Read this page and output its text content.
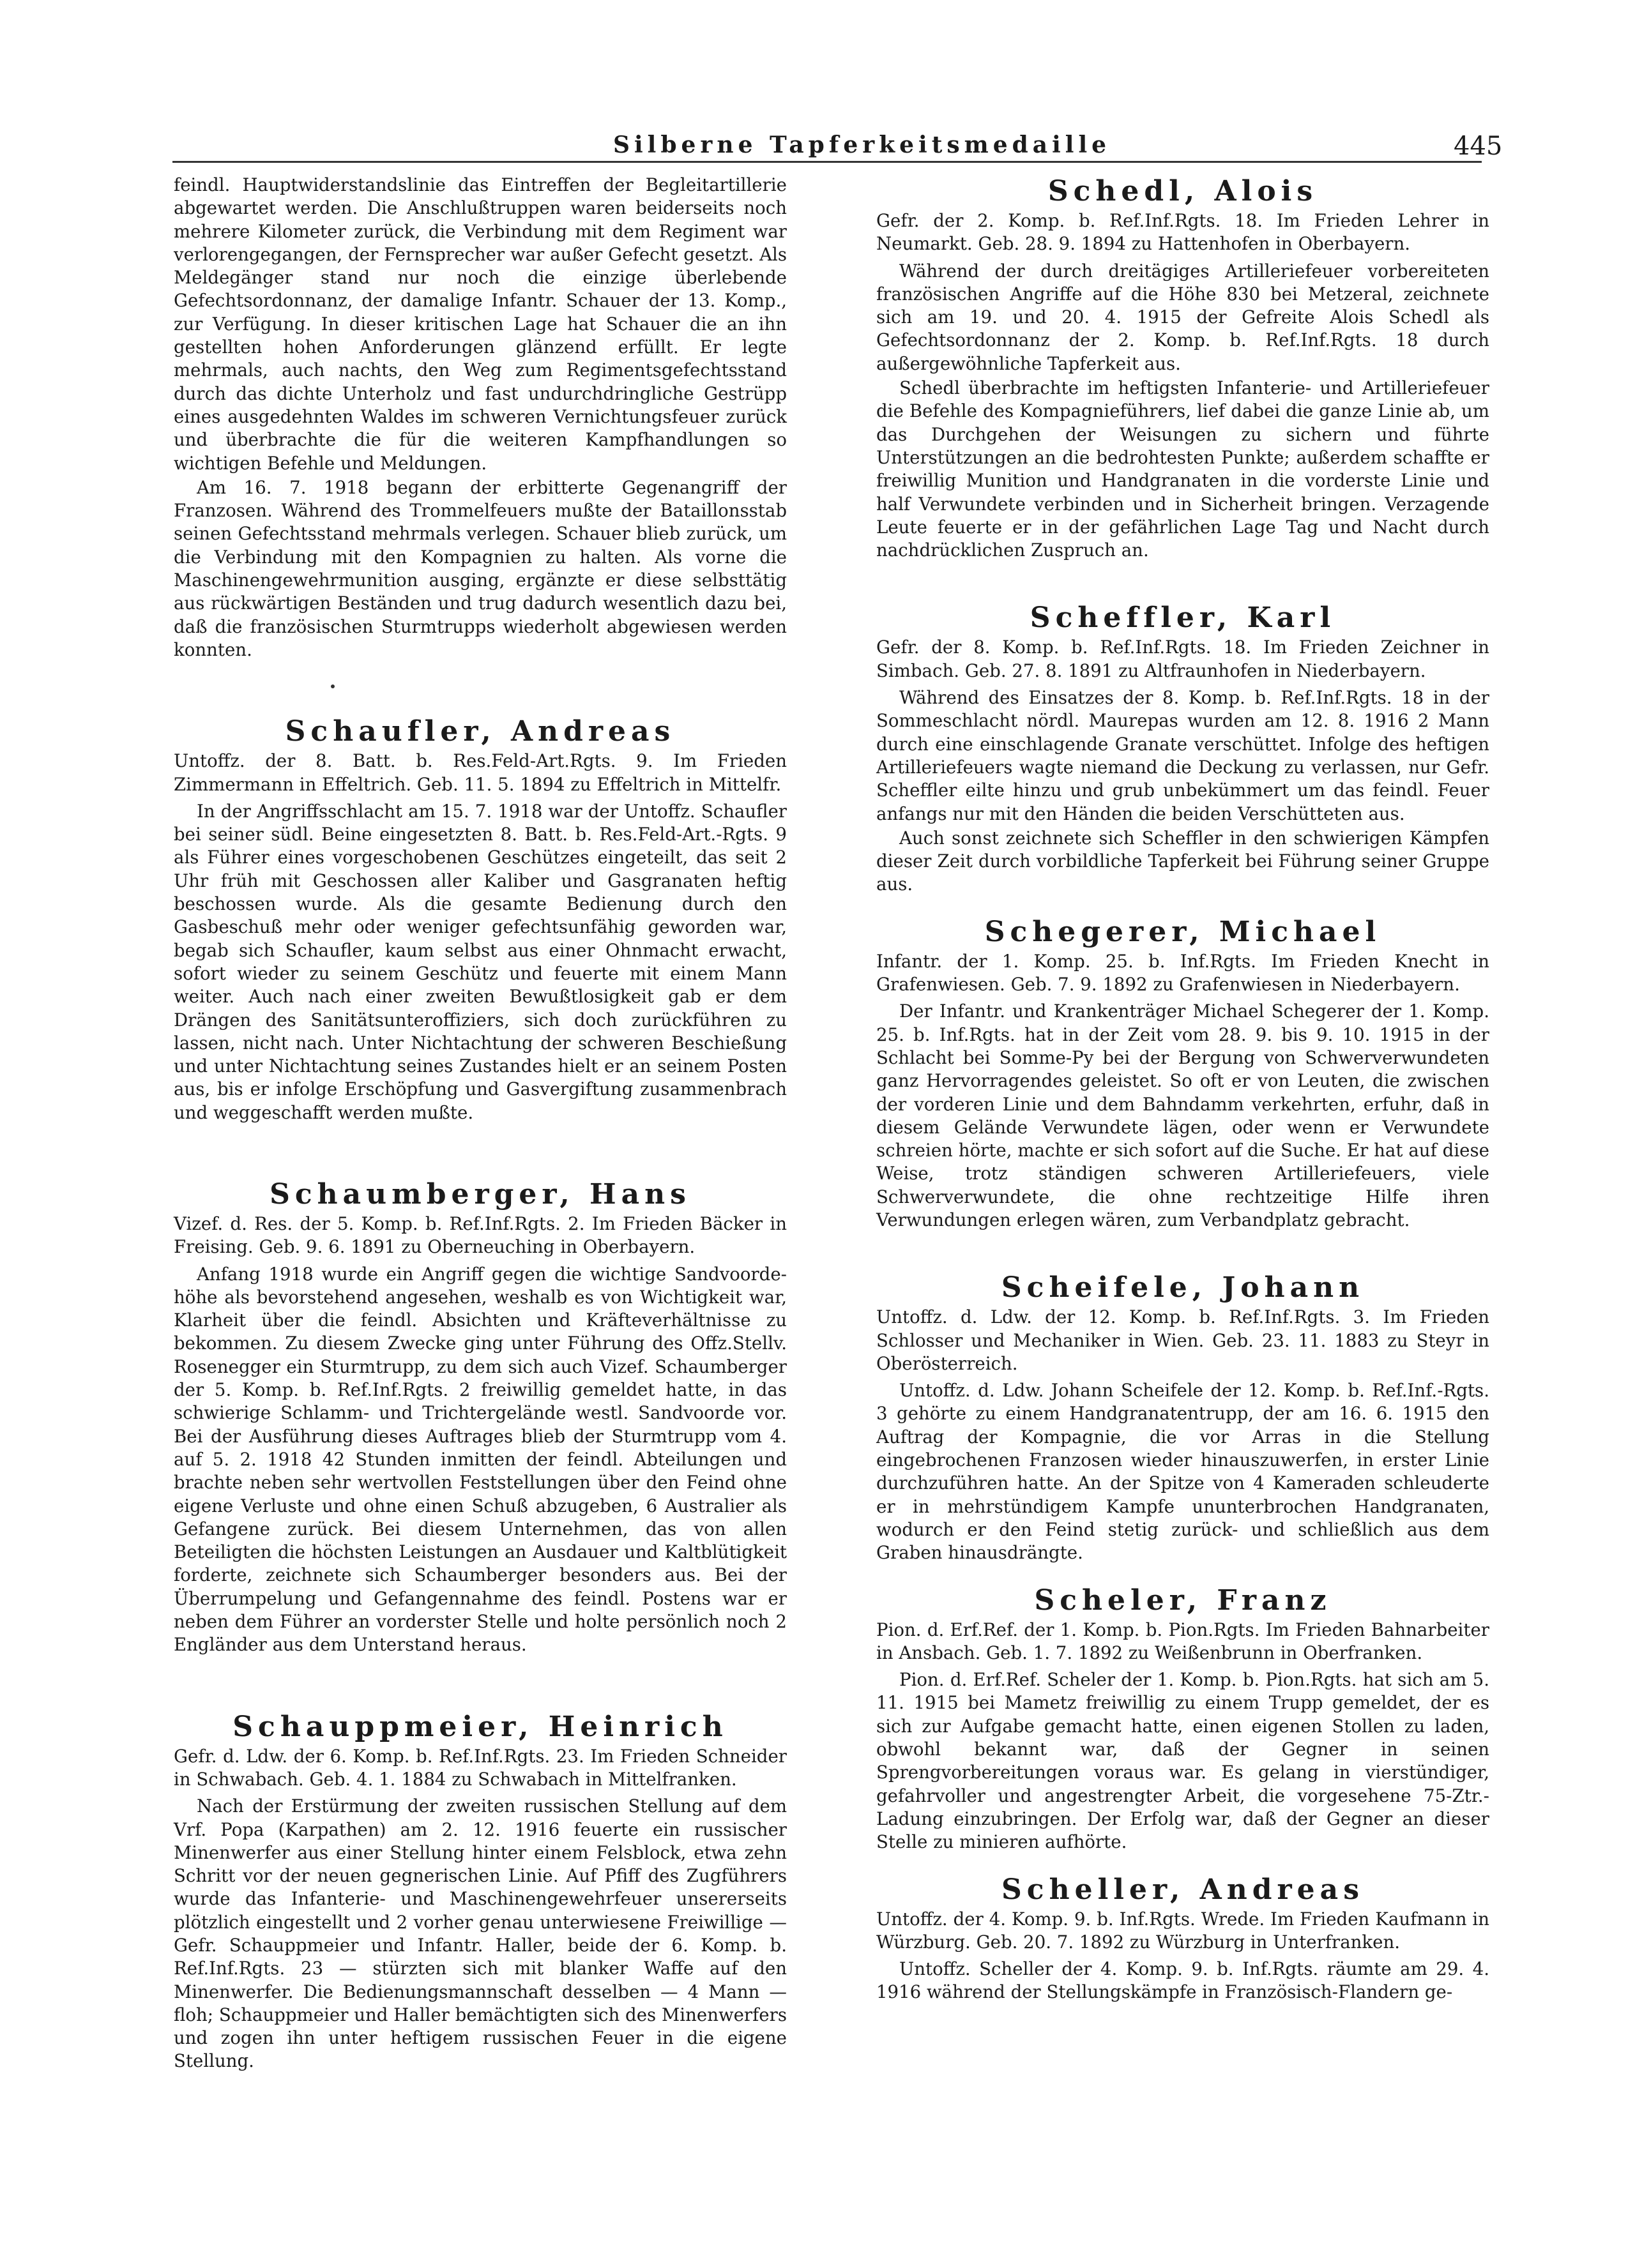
Silberne Tapferkeitsmedaille	445

feindl. Hauptwiderstandslinie das Eintreffen der Begleitartillerie abgewartet werden. Die Anschlußtruppen waren beiderseits noch mehrere Kilometer zurück, die Verbindung mit dem Regiment war verlorengegangen, der Fernsprecher war außer Gefecht gesetzt. Als Meldegänger stand nur noch die einzige überlebende Gefechtsordonnanz, der damalige Infantr. Schauer der 13. Komp., zur Verfügung. In dieser kritischen Lage hat Schauer die an ihn gestellten hohen Anforderungen glänzend erfüllt. Er legte mehrmals, auch nachts, den Weg zum Regimentsgefechtsstand durch das dichte Unterholz und fast undurchdringliche Gestrüpp eines ausgedehnten Waldes im schweren Vernichtungsfeuer zurück und überbrachte die für die weiteren Kampfhandlungen so wichtigen Befehle und Meldungen.

Am 16. 7. 1918 begann der erbitterte Gegenangriff der Franzosen. Während des Trommelfeuers mußte der Bataillonsstab seinen Gefechtsstand mehrmals verlegen. Schauer blieb zurück, um die Verbindung mit den Kompagnien zu halten. Als vorne die Maschinengewehrmunition ausging, ergänzte er diese selbsttätig aus rückwärtigen Beständen und trug dadurch wesentlich dazu bei, daß die französischen Sturmtrupps wiederholt abgewiesen werden konnten.

Schaufler, Andreas

Untoffz. der 8. Batt. b. Res.Feld-Art.Rgts. 9. Im Frieden Zimmermann in Effeltrich. Geb. 11. 5. 1894 zu Effeltrich in Mittelfr.

In der Angriffsschlacht am 15. 7. 1918 war der Untoffz. Schaufler bei seiner südl. Beine eingesetzten 8. Batt. b. Res.Feld-Art.-Rgts. 9 als Führer eines vorgeschobenen Geschützes eingeteilt, das seit 2 Uhr früh mit Geschossen aller Kaliber und Gasgranaten heftig beschossen wurde. Als die gesamte Bedienung durch den Gasbeschuß mehr oder weniger gefechtsunfähig geworden war, begab sich Schaufler, kaum selbst aus einer Ohnmacht erwacht, sofort wieder zu seinem Geschütz und feuerte mit einem Mann weiter. Auch nach einer zweiten Bewußtlosigkeit gab er dem Drängen des Sanitätsunteroffiziers, sich doch zurückführen zu lassen, nicht nach. Unter Nichtachtung der schweren Beschießung und unter Nichtachtung seines Zustandes hielt er an seinem Posten aus, bis er infolge Erschöpfung und Gasvergiftung zusammenbrach und weggeschafft werden mußte.

Schaumberger, Hans

Vizef. d. Res. der 5. Komp. b. Ref.Inf.Rgts. 2. Im Frieden Bäcker in Freising. Geb. 9. 6. 1891 zu Oberneuching in Oberbayern.

Anfang 1918 wurde ein Angriff gegen die wichtige Sandvoorde-höhe als bevorstehend angesehen, weshalb es von Wichtigkeit war, Klarheit über die feindl. Absichten und Kräfteverhältnisse zu bekommen. Zu diesem Zwecke ging unter Führung des Offz.Stellv. Rosenegger ein Sturmtrupp, zu dem sich auch Vizef. Schaumberger der 5. Komp. b. Ref.Inf.Rgts. 2 freiwillig gemeldet hatte, in das schwierige Schlamm- und Trichtergelände westl. Sandvoorde vor. Bei der Ausführung dieses Auftrages blieb der Sturmtrupp vom 4. auf 5. 2. 1918 42 Stunden inmitten der feindl. Abteilungen und brachte neben sehr wertvollen Feststellungen über den Feind ohne eigene Verluste und ohne einen Schuß abzugeben, 6 Australier als Gefangene zurück. Bei diesem Unternehmen, das von allen Beteiligten die höchsten Leistungen an Ausdauer und Kaltblütigkeit forderte, zeichnete sich Schaumberger besonders aus. Bei der Überrumpelung und Gefangennahme des feindl. Postens war er neben dem Führer an vorderster Stelle und holte persönlich noch 2 Engländer aus dem Unterstand heraus.

Schauppmeier, Heinrich

Gefr. d. Ldw. der 6. Komp. b. Ref.Inf.Rgts. 23. Im Frieden Schneider in Schwabach. Geb. 4. 1. 1884 zu Schwabach in Mittelfranken.

Nach der Erstürmung der zweiten russischen Stellung auf dem Vrf. Popa (Karpathen) am 2. 12. 1916 feuerte ein russischer Minenwerfer aus einer Stellung hinter einem Felsblock, etwa zehn Schritt vor der neuen gegnerischen Linie. Auf Pfiff des Zugführers wurde das Infanterie- und Maschinengewehrfeuer unsererseits plötzlich eingestellt und 2 vorher genau unterwiesene Freiwillige — Gefr. Schauppmeier und Infantr. Haller, beide der 6. Komp. b. Ref.Inf.Rgts. 23 — stürzten sich mit blanker Waffe auf den Minenwerfer. Die Bedienungsmannschaft desselben — 4 Mann — floh; Schauppmeier und Haller bemächtigten sich des Minenwerfers und zogen ihn unter heftigem russischen Feuer in die eigene Stellung.

Schedl, Alois

Gefr. der 2. Komp. b. Ref.Inf.Rgts. 18. Im Frieden Lehrer in Neumarkt. Geb. 28. 9. 1894 zu Hattenhofen in Oberbayern.

Während der durch dreitägiges Artilleriefeuer vorbereiteten französischen Angriffe auf die Höhe 830 bei Metzeral, zeichnete sich am 19. und 20. 4. 1915 der Gefreite Alois Schedl als Gefechtsordonnanz der 2. Komp. b. Ref.Inf.Rgts. 18 durch außergewöhnliche Tapferkeit aus.

Schedl überbrachte im heftigsten Infanterie- und Artilleriefeuer die Befehle des Kompagnieführers, lief dabei die ganze Linie ab, um das Durchgehen der Weisungen zu sichern und führte Unterstützungen an die bedrohtesten Punkte; außerdem schaffte er freiwillig Munition und Handgranaten in die vorderste Linie und half Verwundete verbinden und in Sicherheit bringen. Verzagende Leute feuerte er in der gefährlichen Lage Tag und Nacht durch nachdrücklichen Zuspruch an.

Scheffler, Karl

Gefr. der 8. Komp. b. Ref.Inf.Rgts. 18. Im Frieden Zeichner in Simbach. Geb. 27. 8. 1891 zu Altfraunhofen in Niederbayern.

Während des Einsatzes der 8. Komp. b. Ref.Inf.Rgts. 18 in der Sommeschlacht nördl. Maurepas wurden am 12. 8. 1916 2 Mann durch eine einschlagende Granate verschüttet. Infolge des heftigen Artilleriefeuers wagte niemand die Deckung zu verlassen, nur Gefr. Scheffler eilte hinzu und grub unbekümmert um das feindl. Feuer anfangs nur mit den Händen die beiden Verschütteten aus.

Auch sonst zeichnete sich Scheffler in den schwierigen Kämpfen dieser Zeit durch vorbildliche Tapferkeit bei Führung seiner Gruppe aus.

Schegerer, Michael

Infantr. der 1. Komp. 25. b. Inf.Rgts. Im Frieden Knecht in Grafenwiesen. Geb. 7. 9. 1892 zu Grafenwiesen in Niederbayern.

Der Infantr. und Krankenträger Michael Schegerer der 1. Komp. 25. b. Inf.Rgts. hat in der Zeit vom 28. 9. bis 9. 10. 1915 in der Schlacht bei Somme-Py bei der Bergung von Schwerverwundeten ganz Hervorragendes geleistet. So oft er von Leuten, die zwischen der vorderen Linie und dem Bahndamm verkehrten, erfuhr, daß in diesem Gelände Verwundete lägen, oder wenn er Verwundete schreien hörte, machte er sich sofort auf die Suche. Er hat auf diese Weise, trotz ständigen schweren Artilleriefeuers, viele Schwerverwundete, die ohne rechtzeitige Hilfe ihren Verwundungen erlegen wären, zum Verbandplatz gebracht.

Scheifele, Johann

Untoffz. d. Ldw. der 12. Komp. b. Ref.Inf.Rgts. 3. Im Frieden Schlosser und Mechaniker in Wien. Geb. 23. 11. 1883 zu Steyr in Oberösterreich.

Untoffz. d. Ldw. Johann Scheifele der 12. Komp. b. Ref.Inf.-Rgts. 3 gehörte zu einem Handgranatentrupp, der am 16. 6. 1915 den Auftrag der Kompagnie, die vor Arras in die Stellung eingebrochenen Franzosen wieder hinauszuwerfen, in erster Linie durchzuführen hatte. An der Spitze von 4 Kameraden schleuderte er in mehrstündigem Kampfe ununterbrochen Handgranaten, wodurch er den Feind stetig zurück- und schließlich aus dem Graben hinausdrängte.

Scheler, Franz

Pion. d. Erf.Ref. der 1. Komp. b. Pion.Rgts. Im Frieden Bahnarbeiter in Ansbach. Geb. 1. 7. 1892 zu Weißenbrunn in Oberfranken.

Pion. d. Erf.Ref. Scheler der 1. Komp. b. Pion.Rgts. hat sich am 5. 11. 1915 bei Mametz freiwillig zu einem Trupp gemeldet, der es sich zur Aufgabe gemacht hatte, einen eigenen Stollen zu laden, obwohl bekannt war, daß der Gegner in seinen Sprengvorbereitungen voraus war. Es gelang in vierstündiger, gefahrvoller und angestrengter Arbeit, die vorgesehene 75-Ztr.-Ladung einzubringen. Der Erfolg war, daß der Gegner an dieser Stelle zu minieren aufhörte.

Scheller, Andreas

Untoffz. der 4. Komp. 9. b. Inf.Rgts. Wrede. Im Frieden Kaufmann in Würzburg. Geb. 20. 7. 1892 zu Würzburg in Unterfranken.

Untoffz. Scheller der 4. Komp. 9. b. Inf.Rgts. räumte am 29. 4. 1916 während der Stellungskämpfe in Französisch-Flandern ge-
